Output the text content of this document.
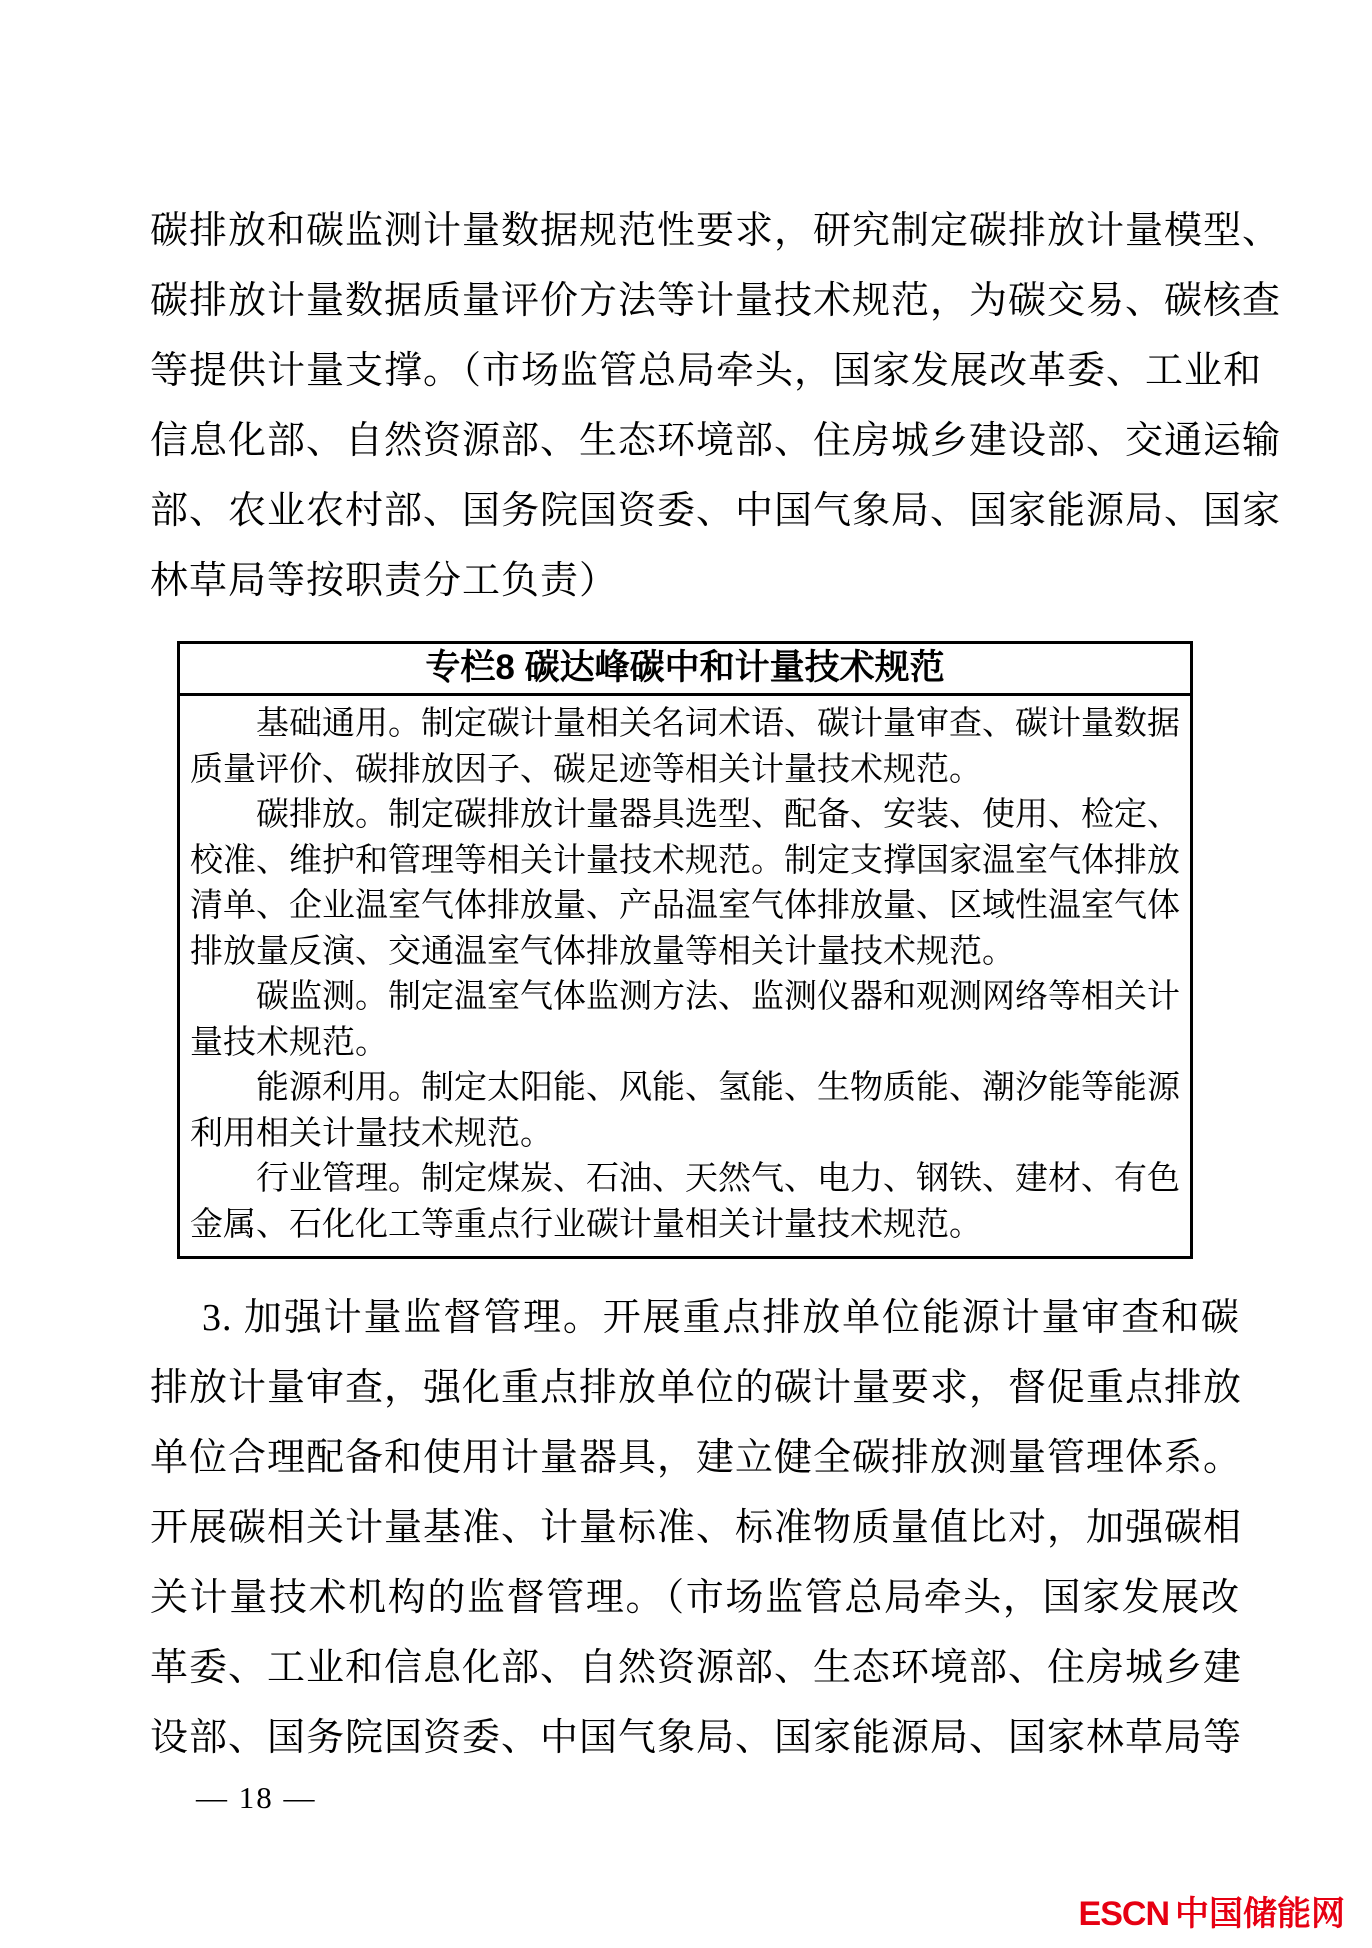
碳排放和碳监测计量数据规范性要求，研究制定碳排放计量模型、
碳排放计量数据质量评价方法等计量技术规范，为碳交易、碳核查
等提供计量支撑。（市场监管总局牵头，国家发展改革委、工业和
信息化部、自然资源部、生态环境部、住房城乡建设部、交通运输
部、农业农村部、国务院国资委、中国气象局、国家能源局、国家
林草局等按职责分工负责）
专栏8 碳达峰碳中和计量技术规范
基础通用。制定碳计量相关名词术语、碳计量审查、碳计量数据
质量评价、碳排放因子、碳足迹等相关计量技术规范。
碳排放。制定碳排放计量器具选型、配备、安装、使用、检定、
校准、维护和管理等相关计量技术规范。制定支撑国家温室气体排放
清单、企业温室气体排放量、产品温室气体排放量、区域性温室气体
排放量反演、交通温室气体排放量等相关计量技术规范。
碳监测。制定温室气体监测方法、监测仪器和观测网络等相关计
量技术规范。
能源利用。制定太阳能、风能、氢能、生物质能、潮汐能等能源
利用相关计量技术规范。
行业管理。制定煤炭、石油、天然气、电力、钢铁、建材、有色
金属、石化化工等重点行业碳计量相关计量技术规范。
3. 加强计量监督管理。开展重点排放单位能源计量审查和碳
排放计量审查，强化重点排放单位的碳计量要求，督促重点排放
单位合理配备和使用计量器具，建立健全碳排放测量管理体系。
开展碳相关计量基准、计量标准、标准物质量值比对，加强碳相
关计量技术机构的监督管理。（市场监管总局牵头，国家发展改
革委、工业和信息化部、自然资源部、生态环境部、住房城乡建
设部、国务院国资委、中国气象局、国家能源局、国家林草局等
— 18 —
ESCN 中国储能网
